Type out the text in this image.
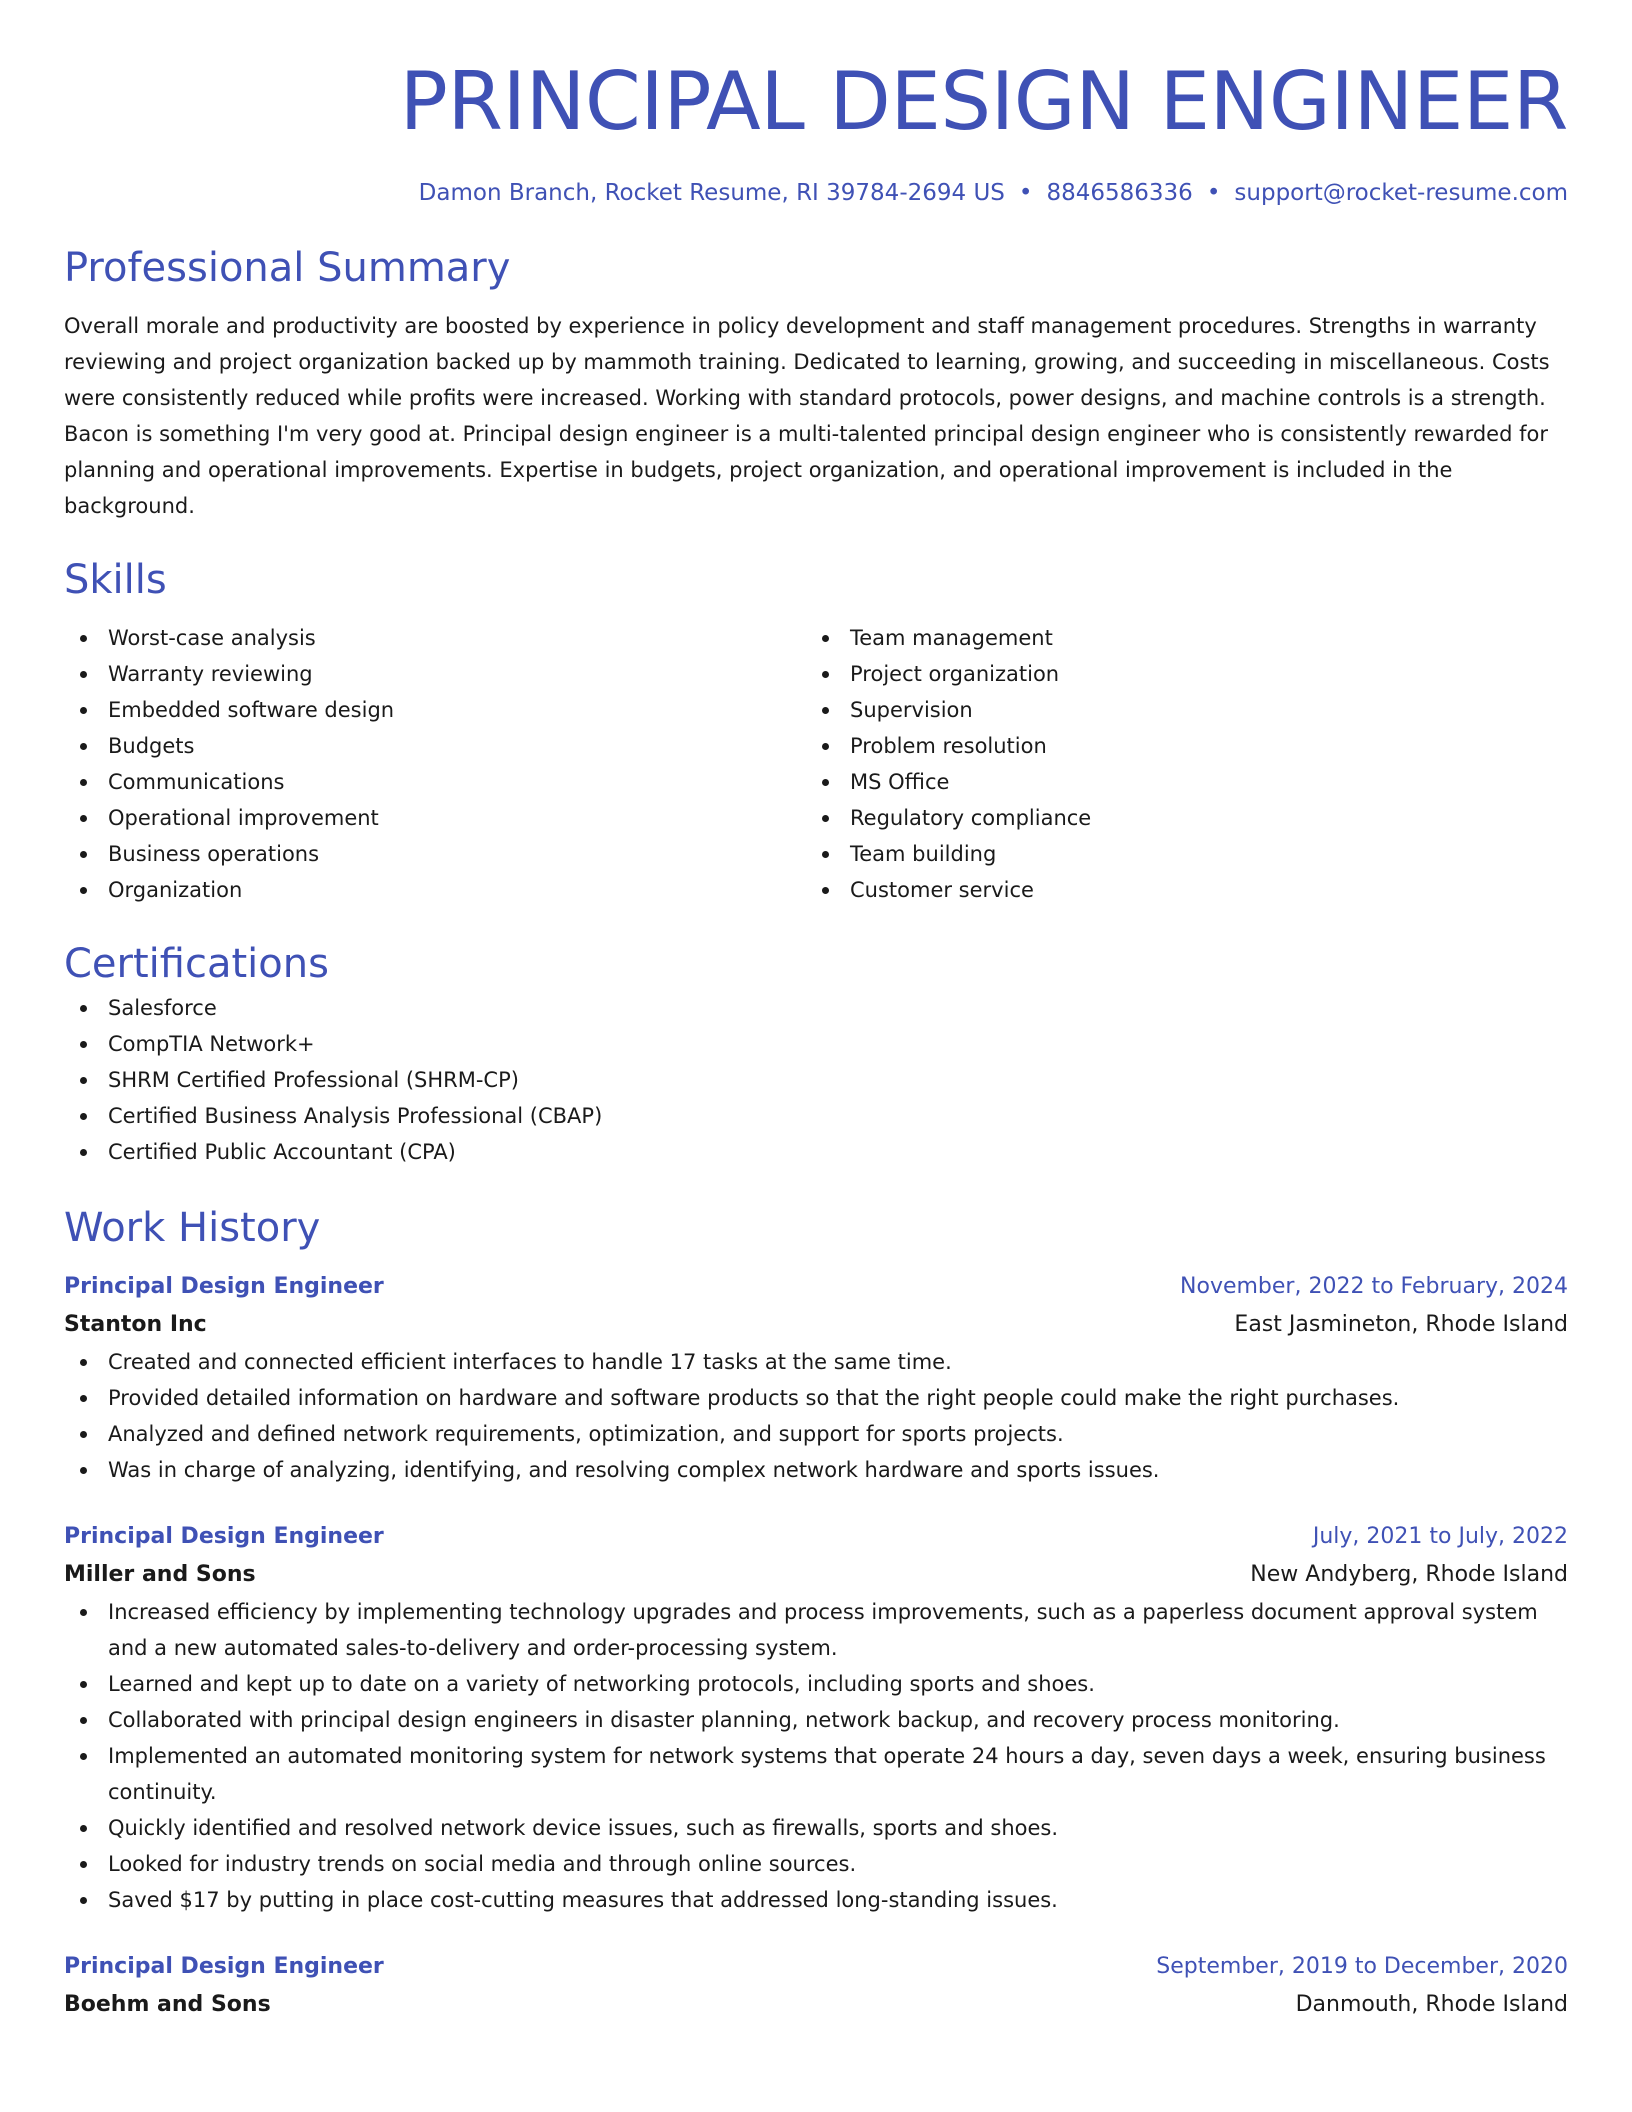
PRINCIPAL DESIGN ENGINEER
Damon Branch, Rocket Resume, RI 39784-2694 US • 8846586336 • support@rocket-resume.com
Professional Summary

Overall morale and productivity are boosted by experience in policy development and staff management procedures. Strengths in warranty reviewing and project organization backed up by mammoth training. Dedicated to learning, growing, and succeeding in miscellaneous. Costs were consistently reduced while profits were increased. Working with standard protocols, power designs, and machine controls is a strength. Bacon is something I'm very good at. Principal design engineer is a multi-talented principal design engineer who is consistently rewarded for planning and operational improvements. Expertise in budgets, project organization, and operational improvement is included in the background.

Skills
Worst-case analysis
Warranty reviewing
Embedded software design
Budgets
Communications
Operational improvement
Business operations
Organization
Team management
Project organization
Supervision
Problem resolution
MS Office
Regulatory compliance
Team building
Customer service
Certifications
Salesforce
CompTIA Network+
SHRM Certified Professional (SHRM-CP)
Certified Business Analysis Professional (CBAP)
Certified Public Accountant (CPA)
Work History
Principal Design Engineer	November, 2022 to February, 2024
Stanton Inc	East Jasmineton, Rhode Island
Created and connected efficient interfaces to handle 17 tasks at the same time.
Provided detailed information on hardware and software products so that the right people could make the right purchases.
Analyzed and defined network requirements, optimization, and support for sports projects.
Was in charge of analyzing, identifying, and resolving complex network hardware and sports issues.
Principal Design Engineer	July, 2021 to July, 2022
Miller and Sons	New Andyberg, Rhode Island
Increased efficiency by implementing technology upgrades and process improvements, such as a paperless document approval system and a new automated sales-to-delivery and order-processing system.
Learned and kept up to date on a variety of networking protocols, including sports and shoes.
Collaborated with principal design engineers in disaster planning, network backup, and recovery process monitoring.
Implemented an automated monitoring system for network systems that operate 24 hours a day, seven days a week, ensuring business continuity.
Quickly identified and resolved network device issues, such as firewalls, sports and shoes.
Looked for industry trends on social media and through online sources.
Saved $17 by putting in place cost-cutting measures that addressed long-standing issues.
Principal Design Engineer	September, 2019 to December, 2020
Boehm and Sons	Danmouth, Rhode Island
